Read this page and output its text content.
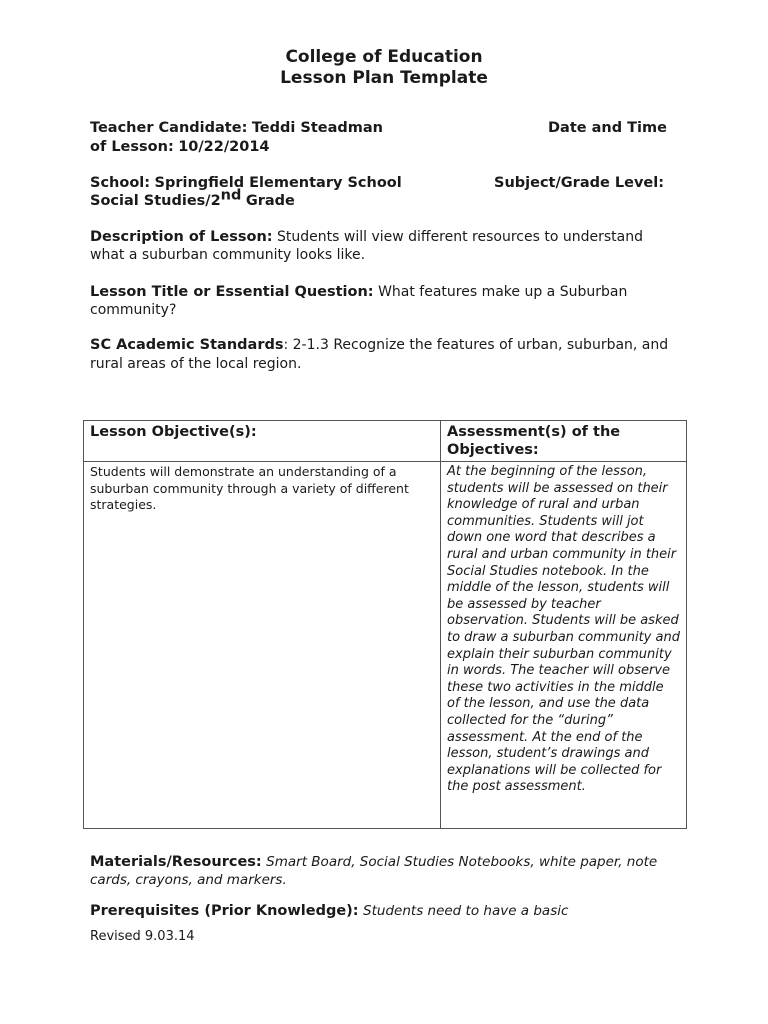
College of Education
Lesson Plan Template
Teacher Candidate: Teddi Steadman	Date and Time
of Lesson: 10/22/2014
School: Springfield Elementary School	Subject/Grade Level:
Social Studies/2nd Grade
Description of Lesson: Students will view different resources to understand what a suburban community looks like.
Lesson Title or Essential Question: What features make up a Suburban community?
SC Academic Standards: 2-1.3 Recognize the features of urban, suburban, and rural areas of the local region.
Lesson Objective(s):	Assessment(s) of the Objectives:
Students will demonstrate an understanding of a suburban community through a variety of different strategies.	At the beginning of the lesson, students will be assessed on their knowledge of rural and urban communities. Students will jot down one word that describes a rural and urban community in their Social Studies notebook. In the middle of the lesson, students will be assessed by teacher observation. Students will be asked to draw a suburban community and explain their suburban community in words. The teacher will observe these two activities in the middle of the lesson, and use the data collected for the “during” assessment. At the end of the lesson, student’s drawings and explanations will be collected for the post assessment.
Materials/Resources: Smart Board, Social Studies Notebooks, white paper, note cards, crayons, and markers.
Prerequisites (Prior Knowledge): Students need to have a basic
Revised 9.03.14
